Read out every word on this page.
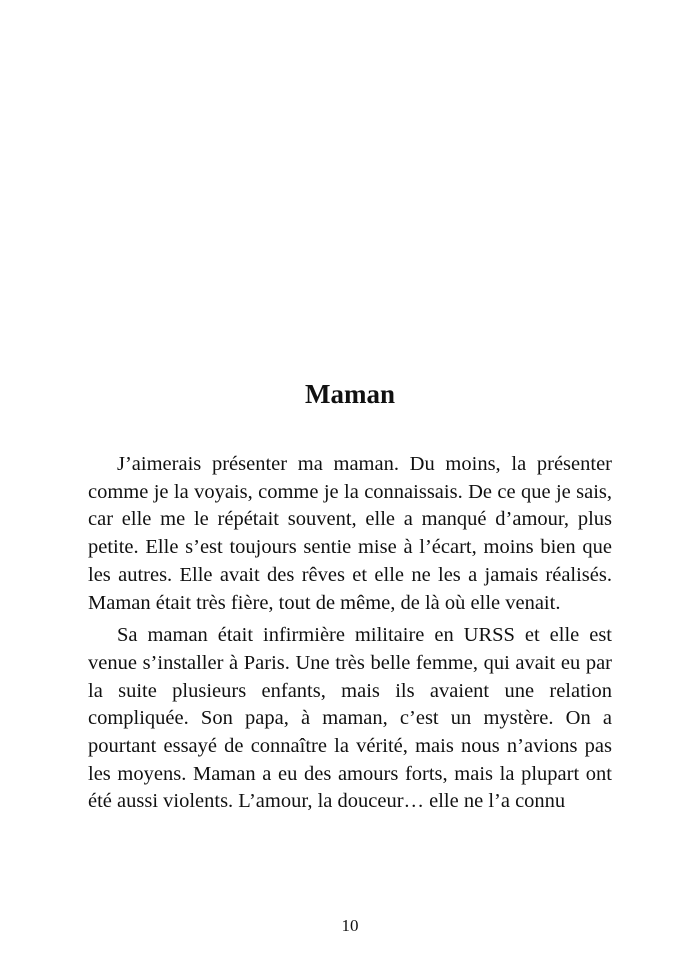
Maman

J’aimerais présenter ma maman. Du moins, la présenter comme je la voyais, comme je la connaissais. De ce que je sais, car elle me le répétait souvent, elle a manqué d’amour, plus petite. Elle s’est toujours sentie mise à l’écart, moins bien que les autres. Elle avait des rêves et elle ne les a jamais réalisés. Maman était très fière, tout de même, de là où elle venait.

Sa maman était infirmière militaire en URSS et elle est venue s’installer à Paris. Une très belle femme, qui avait eu par la suite plusieurs enfants, mais ils avaient une relation compliquée. Son papa, à maman, c’est un mystère. On a pourtant essayé de connaître la vérité, mais nous n’avions pas les moyens. Maman a eu des amours forts, mais la plupart ont été aussi violents. L’amour, la douceur… elle ne l’a connu

10
